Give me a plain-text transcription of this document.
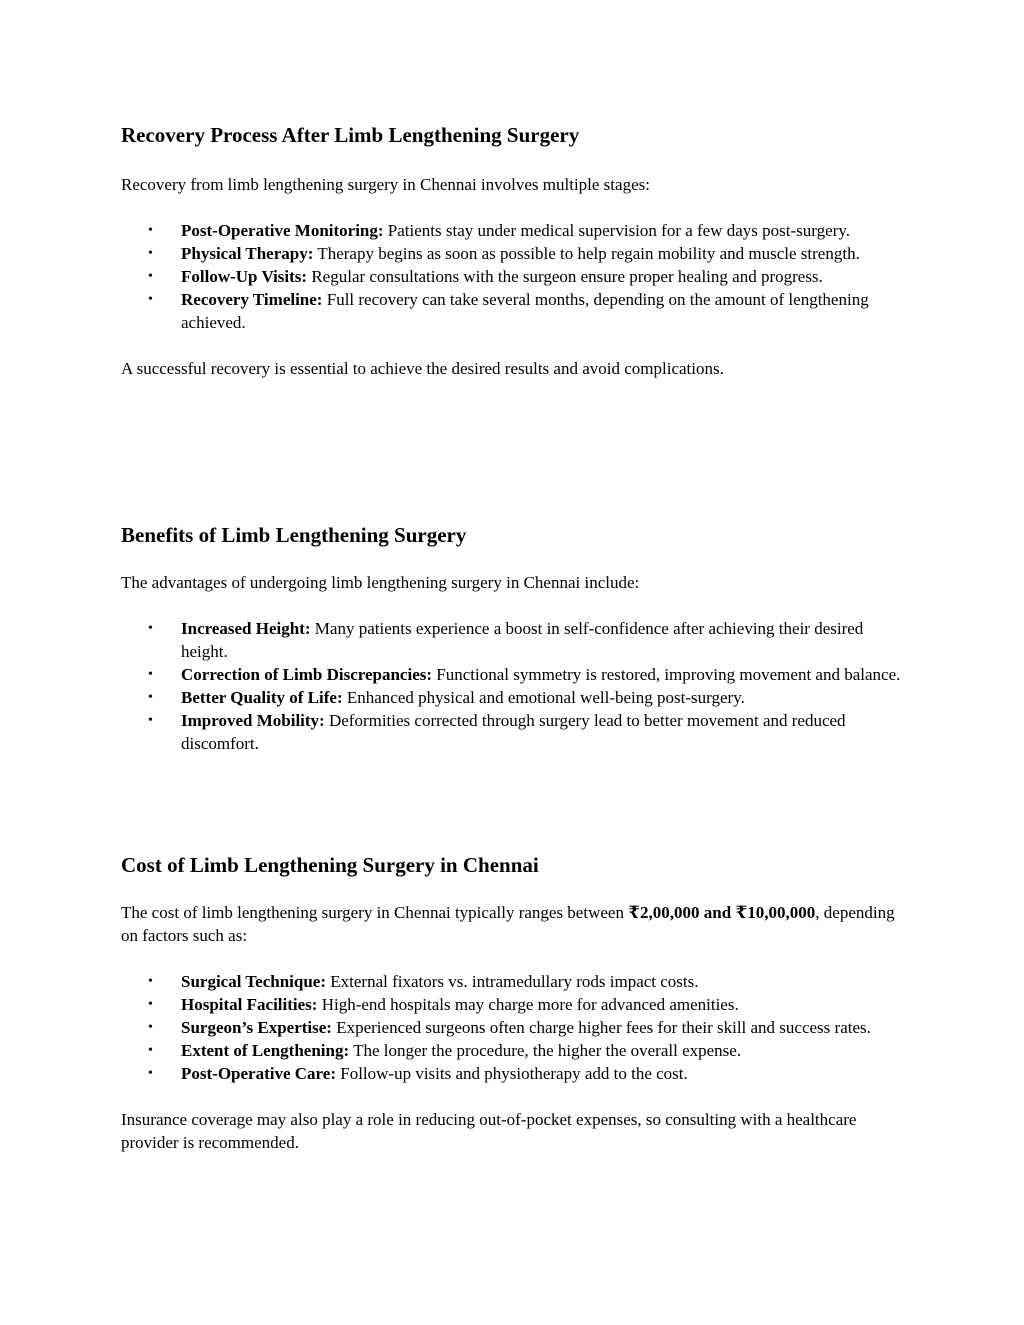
Recovery Process After Limb Lengthening Surgery

Recovery from limb lengthening surgery in Chennai involves multiple stages:

• Post-Operative Monitoring: Patients stay under medical supervision for a few days post-surgery.
• Physical Therapy: Therapy begins as soon as possible to help regain mobility and muscle strength.
• Follow-Up Visits: Regular consultations with the surgeon ensure proper healing and progress.
• Recovery Timeline: Full recovery can take several months, depending on the amount of lengthening achieved.

A successful recovery is essential to achieve the desired results and avoid complications.

Benefits of Limb Lengthening Surgery

The advantages of undergoing limb lengthening surgery in Chennai include:

• Increased Height: Many patients experience a boost in self-confidence after achieving their desired height.
• Correction of Limb Discrepancies: Functional symmetry is restored, improving movement and balance.
• Better Quality of Life: Enhanced physical and emotional well-being post-surgery.
• Improved Mobility: Deformities corrected through surgery lead to better movement and reduced discomfort.
Cost of Limb Lengthening Surgery in Chennai

The cost of limb lengthening surgery in Chennai typically ranges between ₹2,00,000 and ₹10,00,000, depending on factors such as:

• Surgical Technique: External fixators vs. intramedullary rods impact costs.
• Hospital Facilities: High-end hospitals may charge more for advanced amenities.
• Surgeon’s Expertise: Experienced surgeons often charge higher fees for their skill and success rates.
• Extent of Lengthening: The longer the procedure, the higher the overall expense.
• Post-Operative Care: Follow-up visits and physiotherapy add to the cost.

Insurance coverage may also play a role in reducing out-of-pocket expenses, so consulting with a healthcare provider is recommended.
